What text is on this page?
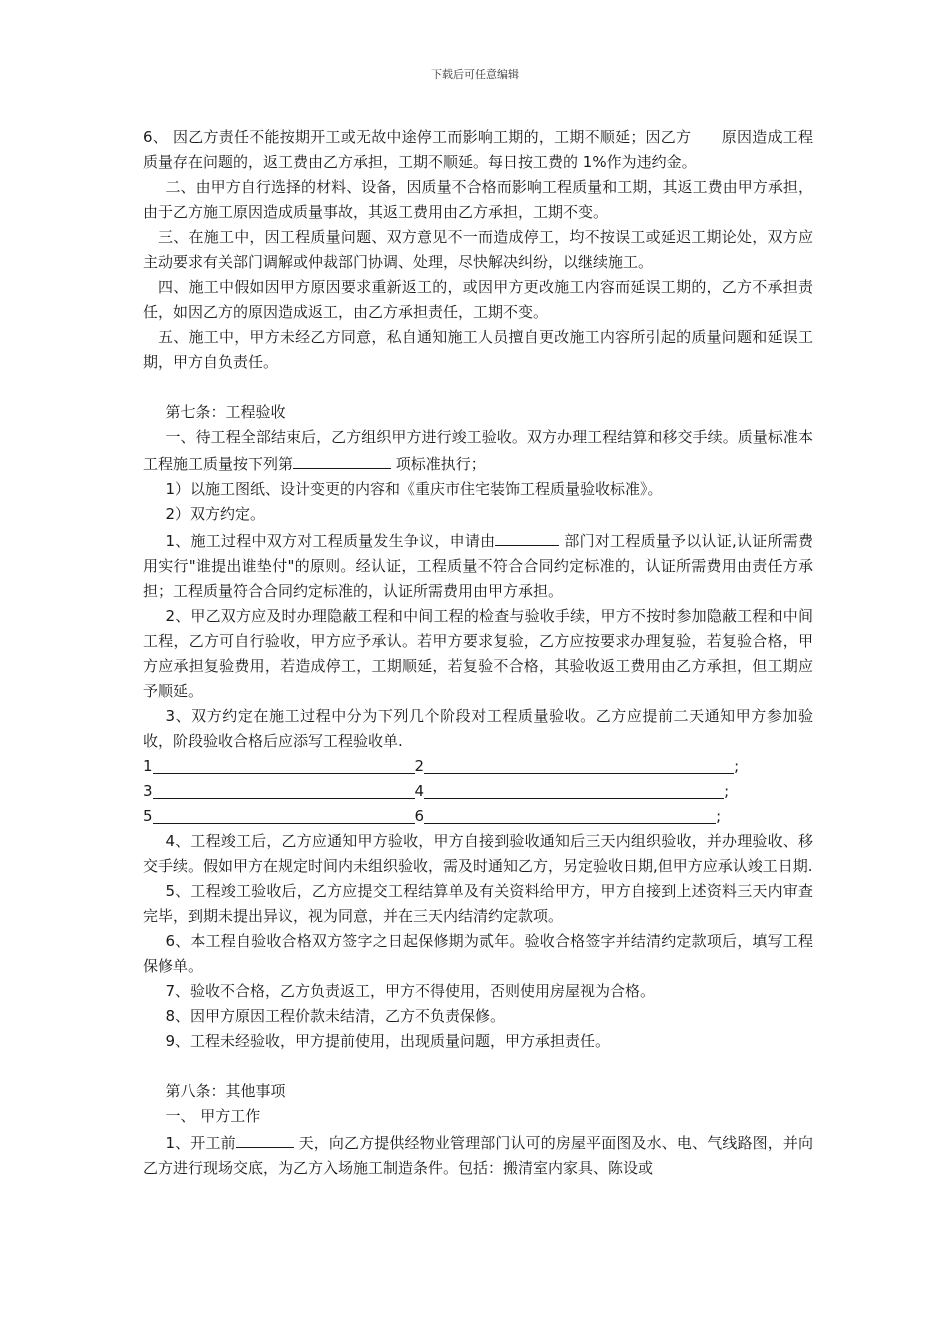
下载后可任意编辑

6、 因乙方责任不能按期开工或无故中途停工而影响工期的，工期不顺延；因乙方　　原因造成工程质量存在问题的，返工费由乙方承担，工期不顺延。每日按工费的 1%作为违约金。

二、由甲方自行选择的材料、设备，因质量不合格而影响工程质量和工期，其返工费由甲方承担，由于乙方施工原因造成质量事故，其返工费用由乙方承担，工期不变。

三、在施工中，因工程质量问题、双方意见不一而造成停工，均不按误工或延迟工期论处，双方应主动要求有关部门调解或仲裁部门协调、处理，尽快解决纠纷，以继续施工。

四、施工中假如因甲方原因要求重新返工的，或因甲方更改施工内容而延误工期的，乙方不承担责任，如因乙方的原因造成返工，由乙方承担责任，工期不变。

五、施工中，甲方未经乙方同意，私自通知施工人员擅自更改施工内容所引起的质量问题和延误工期，甲方自负责任。

第七条：工程验收

一、待工程全部结束后，乙方组织甲方进行竣工验收。双方办理工程结算和移交手续。质量标准本工程施工质量按下列第	项标准执行；

1）以施工图纸、设计变更的内容和《重庆市住宅装饰工程质量验收标准》。

2）双方约定。

1、施工过程中双方对工程质量发生争议，申请由	部门对工程质量予以认证,认证所需费用实行"谁提出谁垫付"的原则。经认证，工程质量不符合合同约定标准的，认证所需费用由责任方承担；工程质量符合合同约定标准的，认证所需费用由甲方承担。

2、甲乙双方应及时办理隐蔽工程和中间工程的检查与验收手续，甲方不按时参加隐蔽工程和中间工程，乙方可自行验收，甲方应予承认。若甲方要求复验，乙方应按要求办理复验，若复验合格，甲方应承担复验费用，若造成停工，工期顺延，若复验不合格，其验收返工费用由乙方承担，但工期应予顺延。

3、双方约定在施工过程中分为下列几个阶段对工程质量验收。乙方应提前二天通知甲方参加验收，阶段验收合格后应添写工程验收单.

1	2	;
3	4	;
5	6	;

4、工程竣工后，乙方应通知甲方验收，甲方自接到验收通知后三天内组织验收，并办理验收、移交手续。假如甲方在规定时间内未组织验收，需及时通知乙方，另定验收日期,但甲方应承认竣工日期.

5、工程竣工验收后，乙方应提交工程结算单及有关资料给甲方，甲方自接到上述资料三天内审查完毕，到期未提出异议，视为同意，并在三天内结清约定款项。

6、本工程自验收合格双方签字之日起保修期为贰年。验收合格签字并结清约定款项后，填写工程保修单。

7、验收不合格，乙方负责返工，甲方不得使用，否则使用房屋视为合格。

8、因甲方原因工程价款未结清，乙方不负责保修。

9、工程未经验收，甲方提前使用，出现质量问题，甲方承担责任。

第八条：其他事项

一、 甲方工作

1、开工前	天，向乙方提供经物业管理部门认可的房屋平面图及水、电、气线路图，并向乙方进行现场交底，为乙方入场施工制造条件。包括：搬清室内家具、陈设或
